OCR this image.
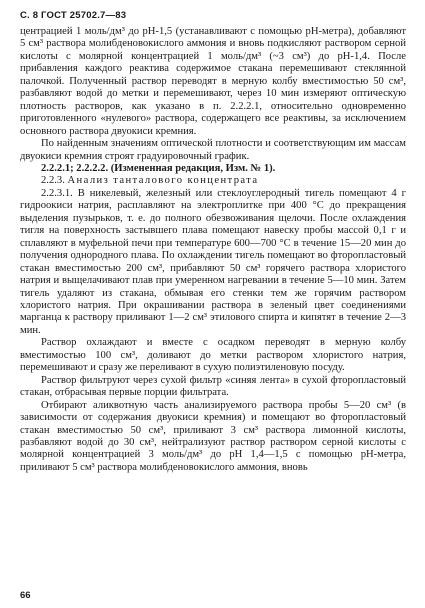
С. 8 ГОСТ 25702.7—83

центрацией 1 моль/дм³ до pH-1,5 (устанавливают с помощью рН-метра), добавляют 5 см³ раствора молибденовокислого аммония и вновь подкисляют раствором серной кислоты с молярной концентрацией 1 моль/дм³ (~3 см³) до pH-1,4. После прибавления каждого реактива содержимое стакана перемешивают стеклянной палочкой. Полученный раствор переводят в мерную колбу вместимостью 50 см³, разбавляют водой до метки и перемешивают, через 10 мин измеряют оптическую плотность растворов, как указано в п. 2.2.2.1, относительно одновременно приготовленного «нулевого» раствора, содержащего все реактивы, за исключением основного раствора двуокиси кремния.

По найденным значениям оптической плотности и соответствующим им массам двуокиси кремния строят градуировочный график.

2.2.2.1; 2.2.2.2. (Измененная редакция, Изм. № 1).

2.2.3. Анализ танталового концентрата

2.2.3.1. В никелевый, железный или стеклоуглеродный тигель помещают 4 г гидроокиси натрия, расплавляют на электроплитке при 400 °С до прекращения выделения пузырьков, т. е. до полного обезвоживания щелочи. После охлаждения тигля на поверхность застывшего плава помещают навеску пробы массой 0,1 г и сплавляют в муфельной печи при температуре 600—700 °С в течение 15—20 мин до получения однородного плава. По охлаждении тигель помещают во фторопластовый стакан вместимостью 200 см³, прибавляют 50 см³ горячего раствора хлористого натрия и выщелачивают плав при умеренном нагревании в течение 5—10 мин. Затем тигель удаляют из стакана, обмывая его стенки тем же горячим раствором хлористого натрия. При окрашивании раствора в зеленый цвет соединениями марганца к раствору приливают 1—2 см³ этилового спирта и кипятят в течение 2—3 мин.

Раствор охлаждают и вместе с осадком переводят в мерную колбу вместимостью 100 см³, доливают до метки раствором хлористого натрия, перемешивают и сразу же переливают в сухую полиэтиленовую посуду.

Раствор фильтруют через сухой фильтр «синяя лента» в сухой фторопластовый стакан, отбрасывая первые порции фильтрата.

Отбирают аликвотную часть анализируемого раствора пробы 5—20 см³ (в зависимости от содержания двуокиси кремния) и помещают во фторопластовый стакан вместимостью 50 см³, приливают 3 см³ раствора лимонной кислоты, разбавляют водой до 30 см³, нейтрализуют раствор раствором серной кислоты с молярной концентрацией 3 моль/дм³ до pH 1,4—1,5 с помощью рН-метра, приливают 5 см³ раствора молибденовокислого аммония, вновь

66
